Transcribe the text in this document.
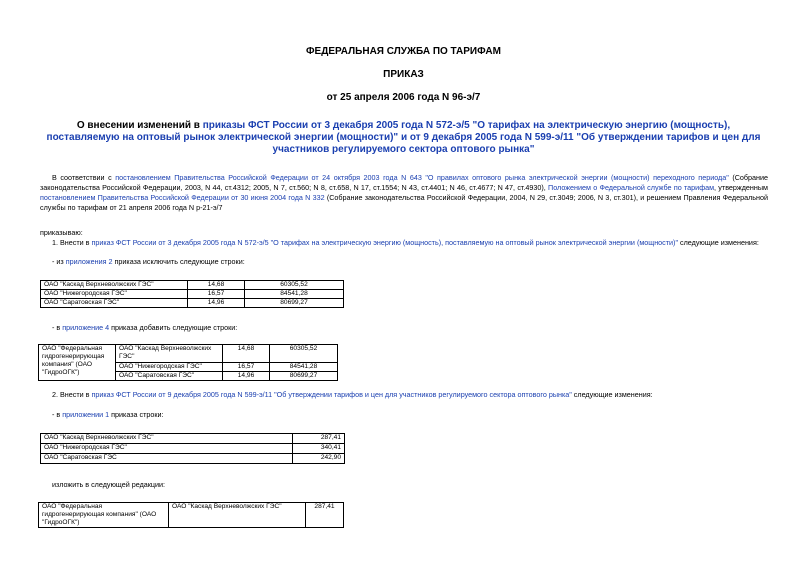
ФЕДЕРАЛЬНАЯ СЛУЖБА ПО ТАРИФАМ
ПРИКАЗ
от 25 апреля 2006 года N 96-э/7
О внесении изменений в приказы ФСТ России от 3 декабря 2005 года N 572-э/5 "О тарифах на электрическую энергию (мощность), поставляемую на оптовый рынок электрической энергии (мощности)" и от 9 декабря 2005 года N 599-э/11 "Об утверждении тарифов и цен для участников регулируемого сектора оптового рынка"
В соответствии с постановлением Правительства Российской Федерации от 24 октября 2003 года N 643 "О правилах оптового рынка электрической энергии (мощности) переходного периода" (Собрание законодательства Российской Федерации, 2003, N 44, ст.4312; 2005, N 7, ст.560; N 8, ст.658, N 17, ст.1554; N 43, ст.4401; N 46, ст.4677; N 47, ст.4930), Положением о Федеральной службе по тарифам, утвержденным постановлением Правительства Российской Федерации от 30 июня 2004 года N 332 (Собрание законодательства Российской Федерации, 2004, N 29, ст.3049; 2006, N 3, ст.301), и решением Правления Федеральной службы по тарифам от 21 апреля 2006 года N р-21-э/7
приказываю:
1. Внести в приказ ФСТ России от 3 декабря 2005 года N 572-э/5 "О тарифах на электрическую энергию (мощность), поставляемую на оптовый рынок электрической энергии (мощности)" следующие изменения:
- из приложения 2 приказа исключить следующие строки:
ОАО "Каскад Верхневолжских ГЭС"	14,68	60305,52
ОАО "Нижегородская ГЭС"	16,57	84541,28
ОАО "Саратовская ГЭС"	14,96	80699,27
- в приложение 4 приказа добавить следующие строки:
ОАО "Федеральная гидрогенерирующая компания" (ОАО "ГидроОГК")	ОАО "Каскад Верхневолжских ГЭС"	14,68	60305,52
	ОАО "Нижегородская ГЭС"	16,57	84541,28
	ОАО "Саратовская ГЭС"	14,96	80699,27
2. Внести в приказ ФСТ России от 9 декабря 2005 года N 599-э/11 "Об утверждении тарифов и цен для участников регулируемого сектора оптового рынка" следующие изменения:
- в приложении 1 приказа строки:
ОАО "Каскад Верхневолжских ГЭС"	287,41
ОАО "Нижегородская ГЭС"	340,41
ОАО "Саратовская ГЭС	242,90
изложить в следующей редакции:
ОАО "Федеральная гидрогенерирующая компания" (ОАО "ГидроОГК")	ОАО "Каскад Верхневолжских ГЭС"	287,41
